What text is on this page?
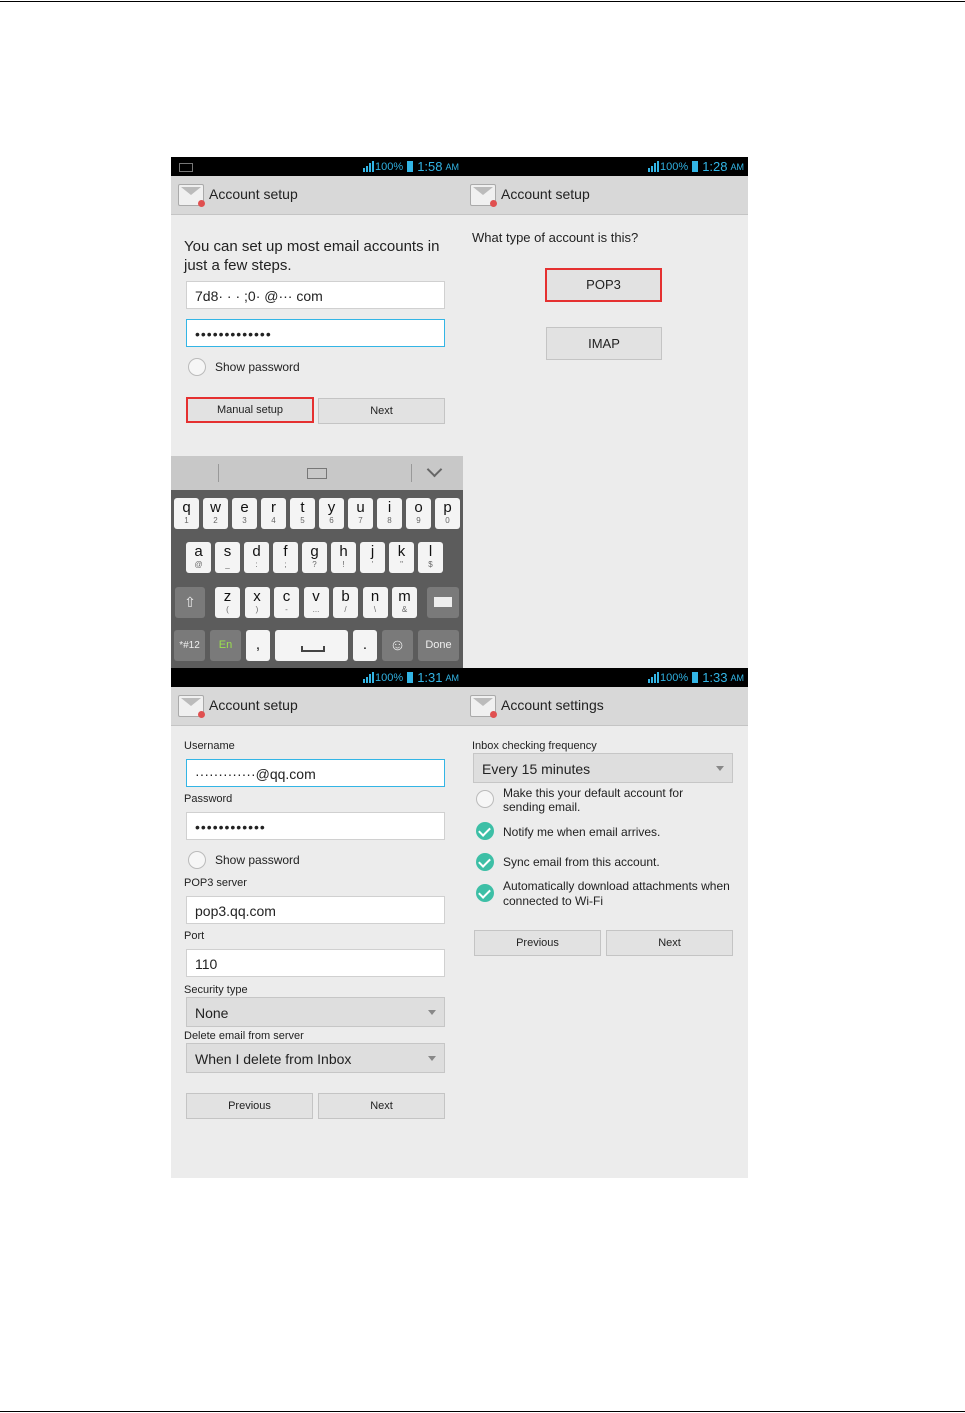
100% 1:58 AM
Account setup
You can set up most email accounts in just a few steps.
7d8· · · ;0· @··· com
•••••••••••••
Show password
Manual setup	Next
q
1
w
2
e
3
r
4
t
5
y
6
u
7
i
8
o
9
p
0
a
@
s
_
d
:
f
;
g
?
h
!
j
'
k
"
l
$
z
(
x
)
c
-
v
...
b
/
n
\
m
&
⇧
*#12	En	,	.	☺	Done
100% 1:28 AM
Account setup
What type of account is this?
POP3
IMAP
100% 1:31 AM
Account setup
Username
·············@qq.com
Password
••••••••••••
Show password
POP3 server
pop3.qq.com
Port
110
Security type
None
Delete email from server
When I delete from Inbox
Previous	Next
100% 1:33 AM
Account settings
Inbox checking frequency
Every 15 minutes
Make this your default account for sending email.
Notify me when email arrives.
Sync email from this account.
Automatically download attachments when connected to Wi-Fi
Previous	Next
